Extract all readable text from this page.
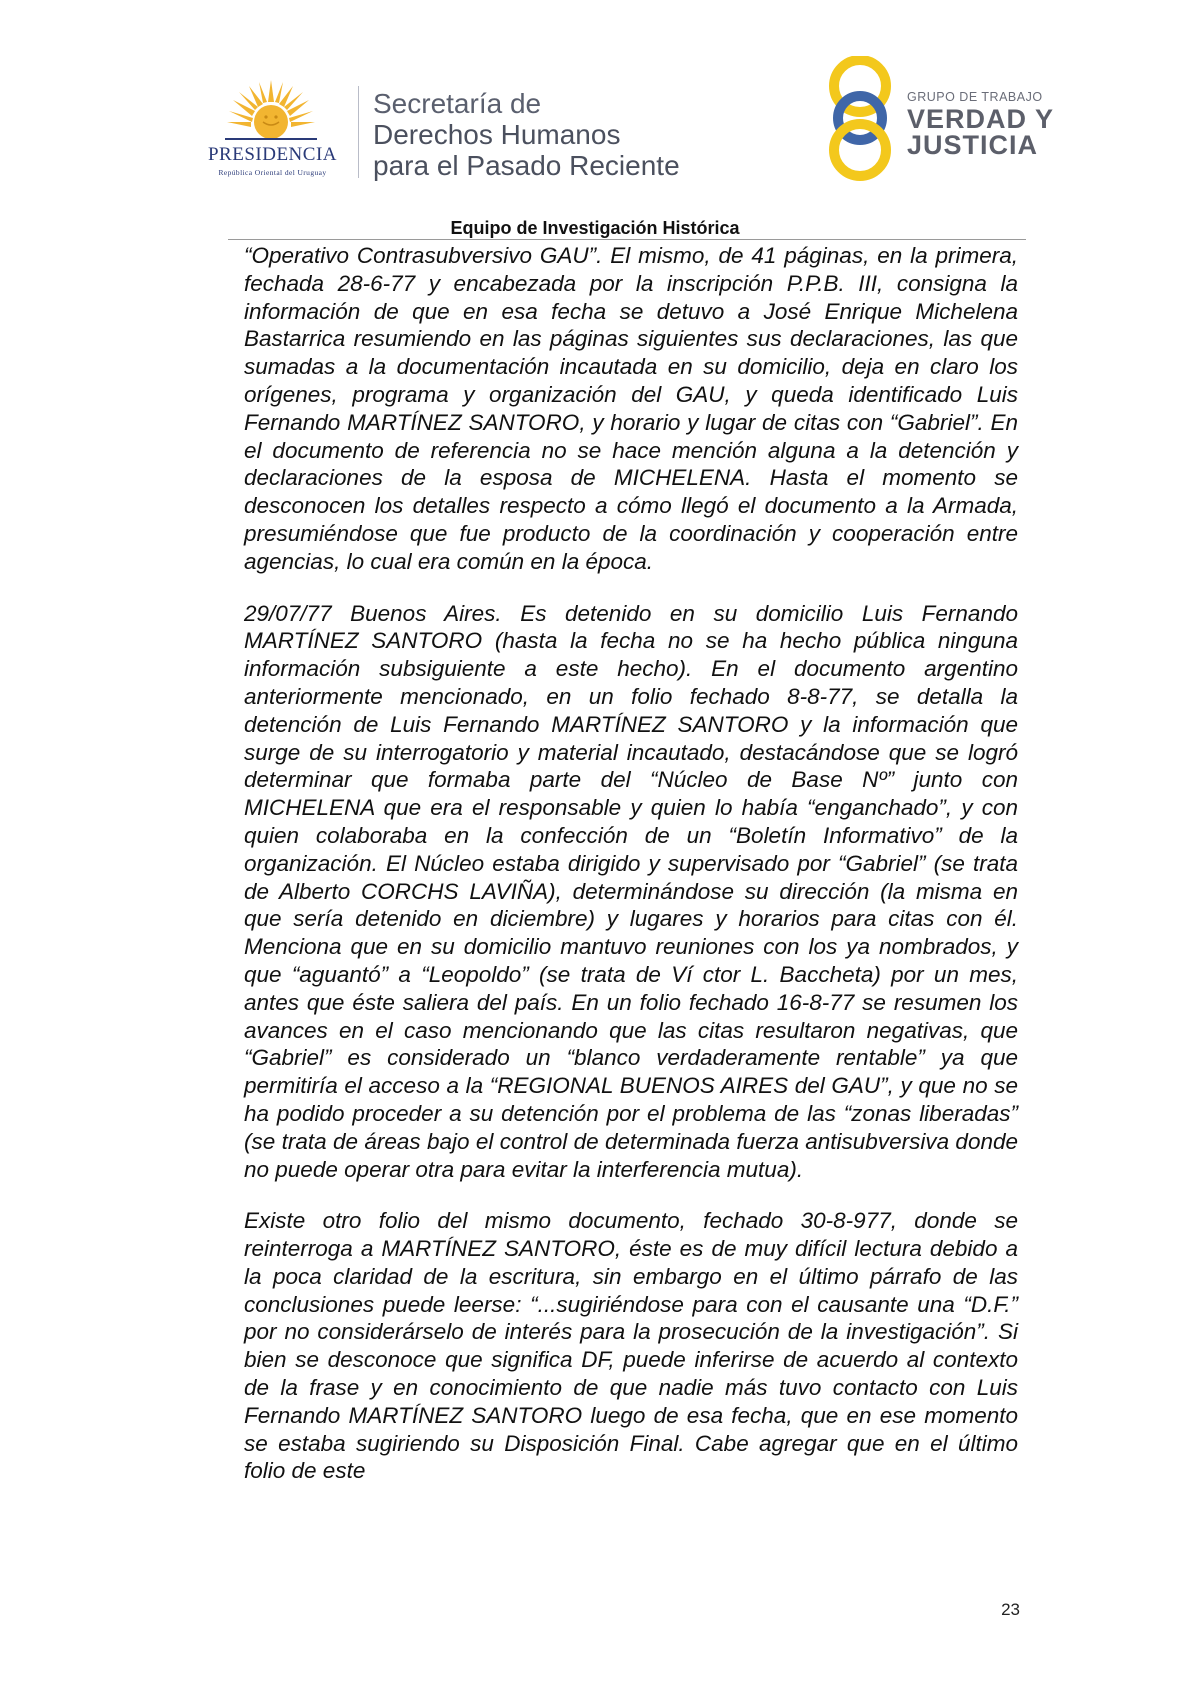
PRESIDENCIA
República Oriental del Uruguay
Secretaría de
Derechos Humanos
para el Pasado Reciente
GRUPO DE TRABAJO
VERDAD Y
JUSTICIA
Equipo de Investigación Histórica

“Operativo Contrasubversivo GAU”. El mismo, de 41 páginas, en la primera, fechada 28-6-77 y encabezada por la inscripción P.P.B. III, consigna la información de que en esa fecha se detuvo a José Enrique Michelena Bastarrica resumiendo en las páginas siguientes sus declaraciones, las que sumadas a la documentación incautada en su domicilio, deja en claro los orígenes, programa y organización del GAU, y queda identificado Luis Fernando MARTÍNEZ SANTORO, y horario y lugar de citas con “Gabriel”. En el documento de referencia no se hace mención alguna a la detención y declaraciones de la esposa de MICHELENA. Hasta el momento se desconocen los detalles respecto a cómo llegó el documento a la Armada, presumiéndose que fue producto de la coordinación y cooperación entre agencias, lo cual era común en la época.

29/07/77 Buenos Aires. Es detenido en su domicilio Luis Fernando MARTÍNEZ SANTORO (hasta la fecha no se ha hecho pública ninguna información subsiguiente a este hecho). En el documento argentino anteriormente mencionado, en un folio fechado 8-8-77, se detalla la detención de Luis Fernando MARTÍNEZ SANTORO y la información que surge de su interrogatorio y material incautado, destacándose que se logró determinar que formaba parte del “Núcleo de Base Nº” junto con MICHELENA que era el responsable y quien lo había “enganchado”, y con quien colaboraba en la confección de un “Boletín Informativo” de la organización. El Núcleo estaba dirigido y supervisado por “Gabriel” (se trata de Alberto CORCHS LAVIÑA), determinándose su dirección (la misma en que sería detenido en diciembre) y lugares y horarios para citas con él. Menciona que en su domicilio mantuvo reuniones con los ya nombrados, y que “aguantó” a “Leopoldo” (se trata de Ví ctor L. Baccheta) por un mes, antes que éste saliera del país. En un folio fechado 16-8-77 se resumen los avances en el caso mencionando que las citas resultaron negativas, que “Gabriel” es considerado un “blanco verdaderamente rentable” ya que permitiría el acceso a la “REGIONAL BUENOS AIRES del GAU”, y que no se ha podido proceder a su detención por el problema de las “zonas liberadas” (se trata de áreas bajo el control de determinada fuerza antisubversiva donde no puede operar otra para evitar la interferencia mutua).

Existe otro folio del mismo documento, fechado 30-8-977, donde se reinterroga a MARTÍNEZ SANTORO, éste es de muy difícil lectura debido a la poca claridad de la escritura, sin embargo en el último párrafo de las conclusiones puede leerse: “...sugiriéndose para con el causante una “D.F.” por no considerárselo de interés para la prosecución de la investigación”. Si bien se desconoce que significa DF, puede inferirse de acuerdo al contexto de la frase y en conocimiento de que nadie más tuvo contacto con Luis Fernando MARTÍNEZ SANTORO luego de esa fecha, que en ese momento se estaba sugiriendo su Disposición Final. Cabe agregar que en el último folio de este

23
